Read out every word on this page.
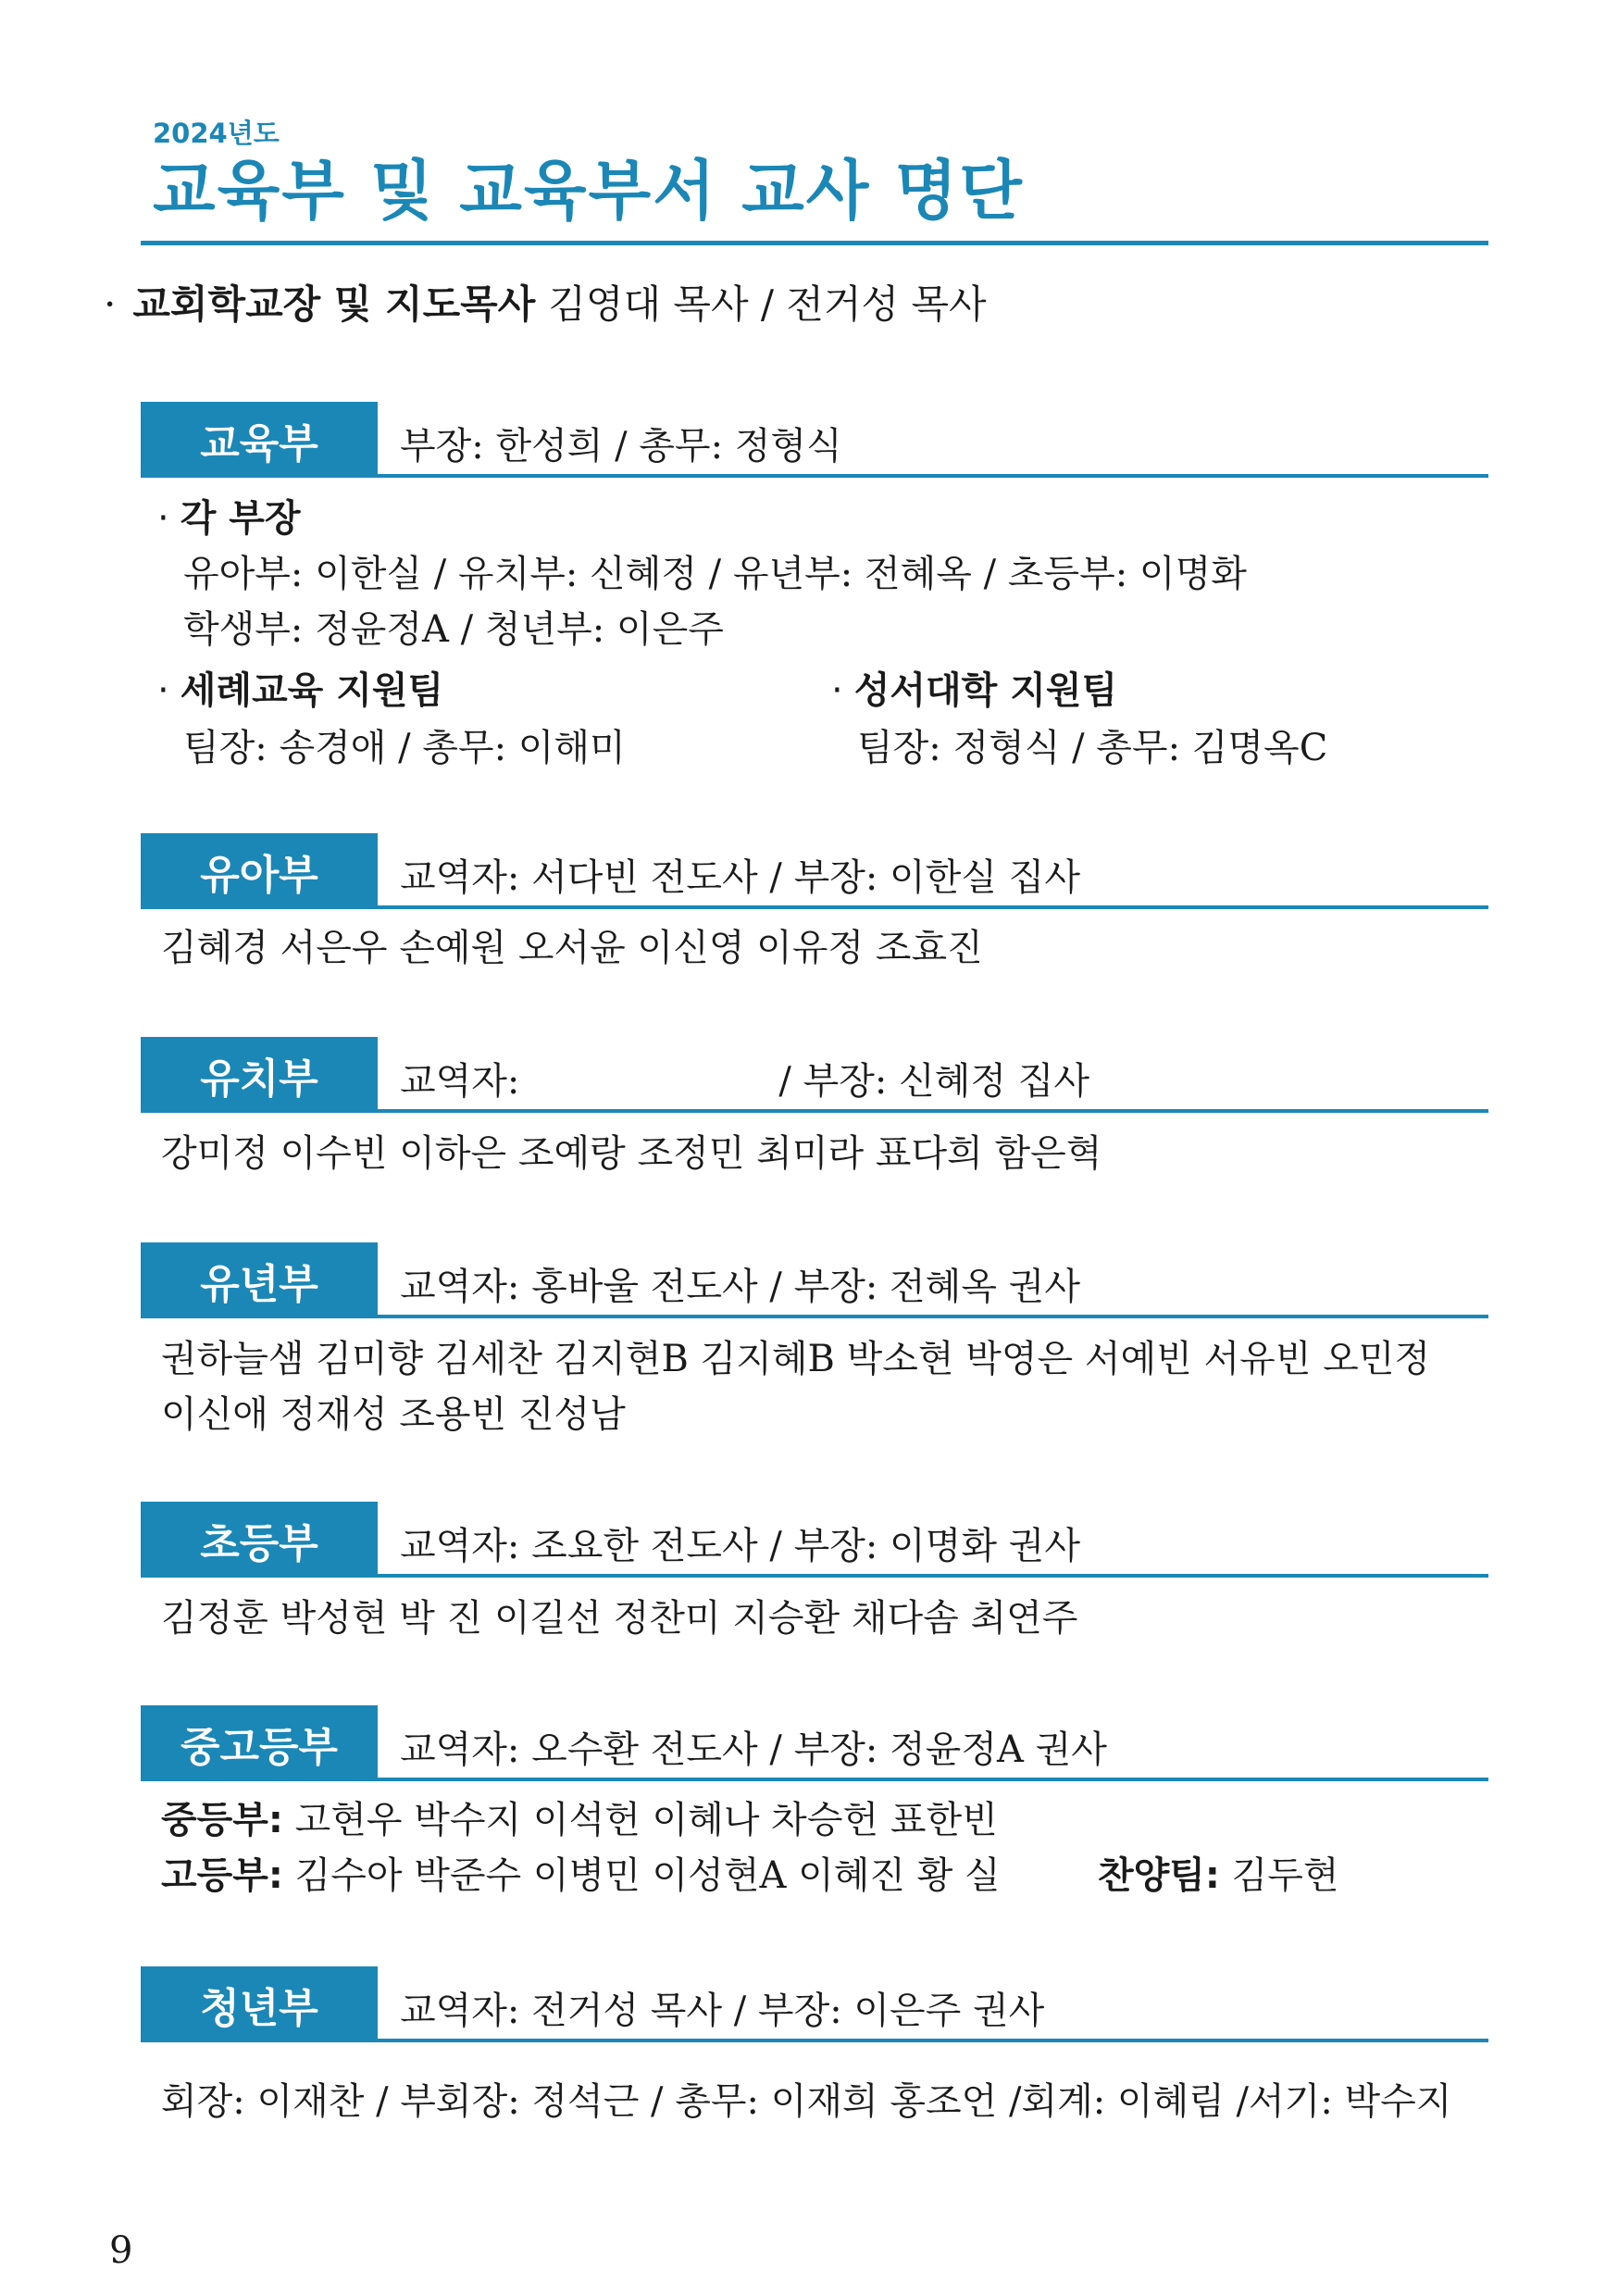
2024년도
교육부 및 교육부서 교사 명단
· 교회학교장 및 지도목사 김영대 목사 / 전거성 목사
교육부	부장: 한성희 / 총무: 정형식
· 각 부장
유아부: 이한실 / 유치부: 신혜정 / 유년부: 전혜옥 / 초등부: 이명화
학생부: 정윤정A / 청년부: 이은주
· 세례교육 지원팀
팀장: 송경애 / 총무: 이해미
· 성서대학 지원팀
팀장: 정형식 / 총무: 김명옥C
유아부	교역자: 서다빈 전도사 / 부장: 이한실 집사
김혜경 서은우 손예원 오서윤 이신영 이유정 조효진
유치부	교역자:	/ 부장: 신혜정 집사
강미정 이수빈 이하은 조예랑 조정민 최미라 표다희 함은혁
유년부	교역자: 홍바울 전도사 / 부장: 전혜옥 권사
권하늘샘 김미향 김세찬 김지현B 김지혜B 박소현 박영은 서예빈 서유빈 오민정
이신애 정재성 조용빈 진성남
초등부	교역자: 조요한 전도사 / 부장: 이명화 권사
김정훈 박성현 박 진 이길선 정찬미 지승환 채다솜 최연주
중고등부	교역자: 오수환 전도사 / 부장: 정윤정A 권사
중등부: 고현우 박수지 이석헌 이혜나 차승헌 표한빈
고등부: 김수아 박준수 이병민 이성현A 이혜진 황 실	찬양팀: 김두현
청년부	교역자: 전거성 목사 / 부장: 이은주 권사
회장: 이재찬 / 부회장: 정석근 / 총무: 이재희 홍조언 /회계: 이혜림 /서기: 박수지
9
